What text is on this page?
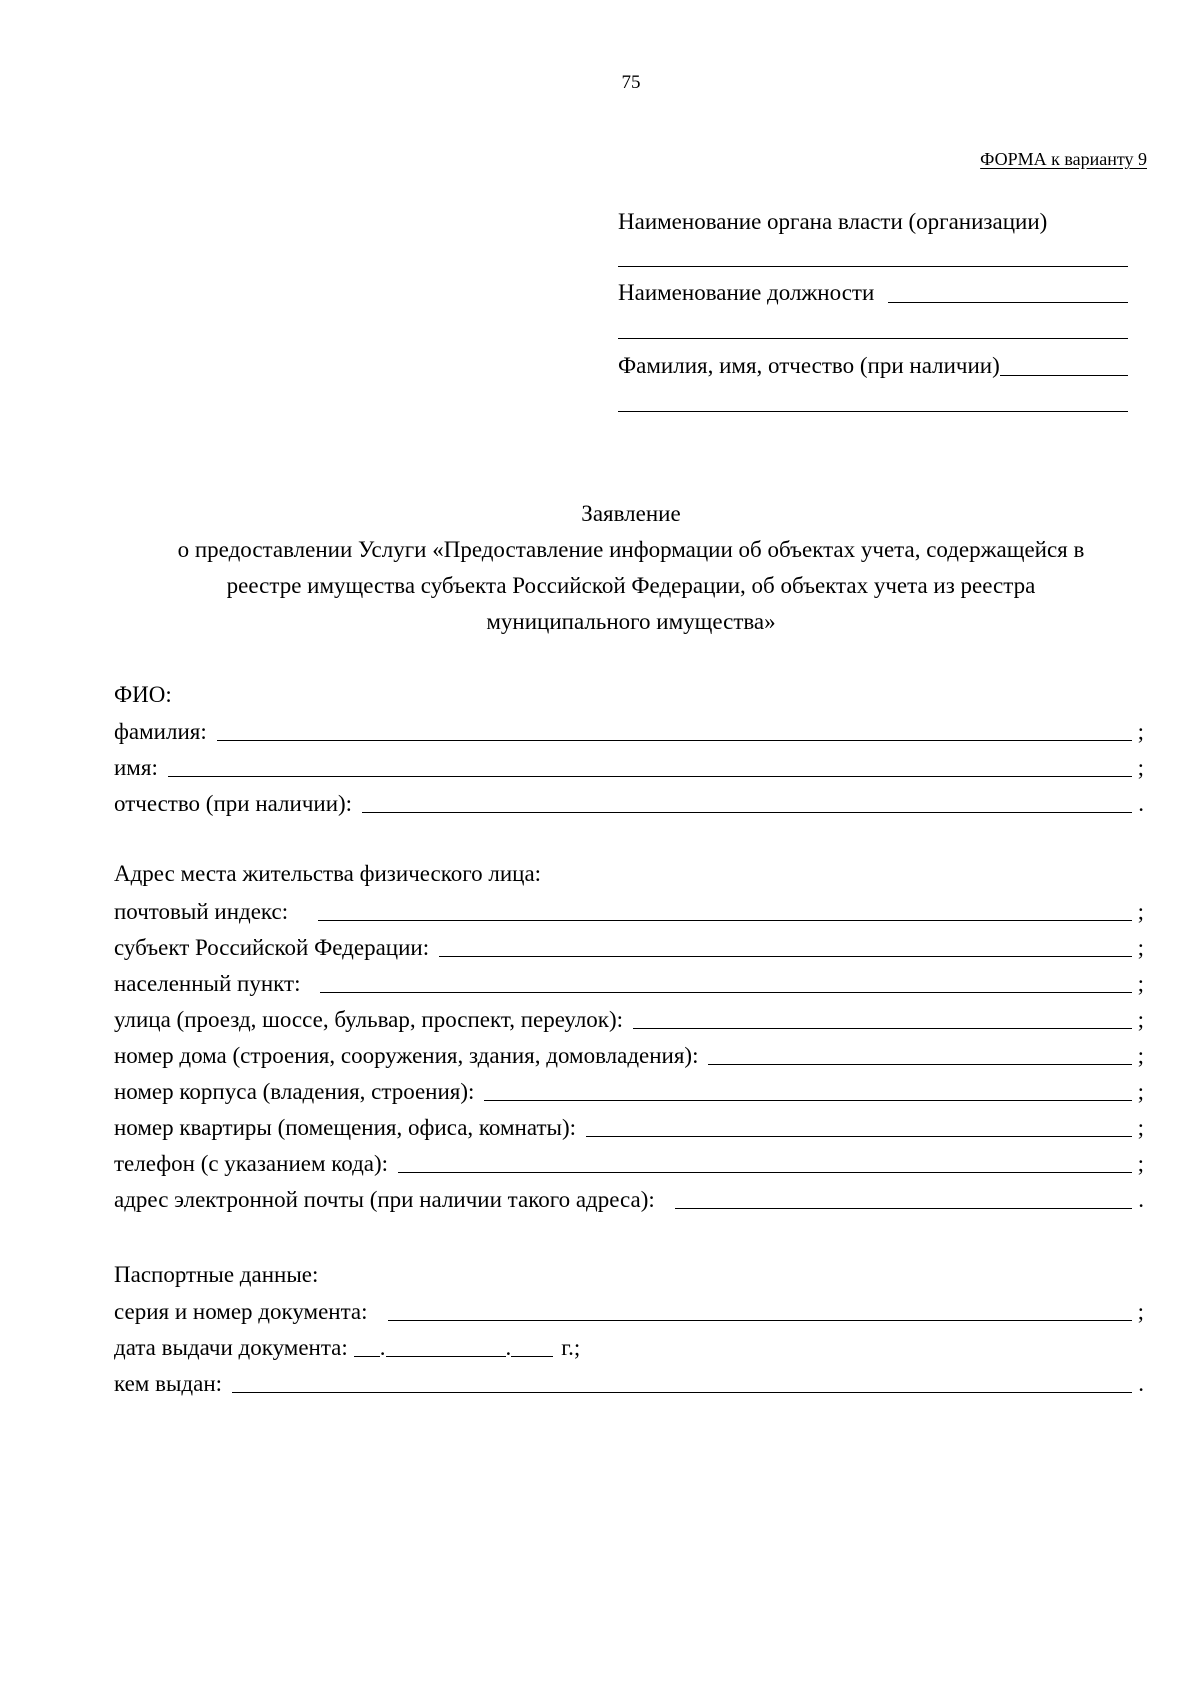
75
ФОРМА к варианту 9
Наименование органа власти (организации)
Наименование должности
Фамилия, имя, отчество (при наличии)
Заявление
о предоставлении Услуги «Предоставление информации об объектах учета, содержащейся в
реестре имущества субъекта Российской Федерации, об объектах учета из реестра
муниципального имущества»
ФИО:
фамилия:	;
имя:	;
отчество (при наличии):	.
Адрес места жительства физического лица:
почтовый индекс:	;
субъект Российской Федерации:	;
населенный пункт:	;
улица (проезд, шоссе, бульвар, проспект, переулок):	;
номер дома (строения, сооружения, здания, домовладения):	;
номер корпуса (владения, строения):	;
номер квартиры (помещения, офиса, комнаты):	;
телефон (с указанием кода):	;
адрес электронной почты (при наличии такого адреса):	.
Паспортные данные:
серия и номер документа:	;
дата выдачи документа: .	. г.;
кем выдан:	.
